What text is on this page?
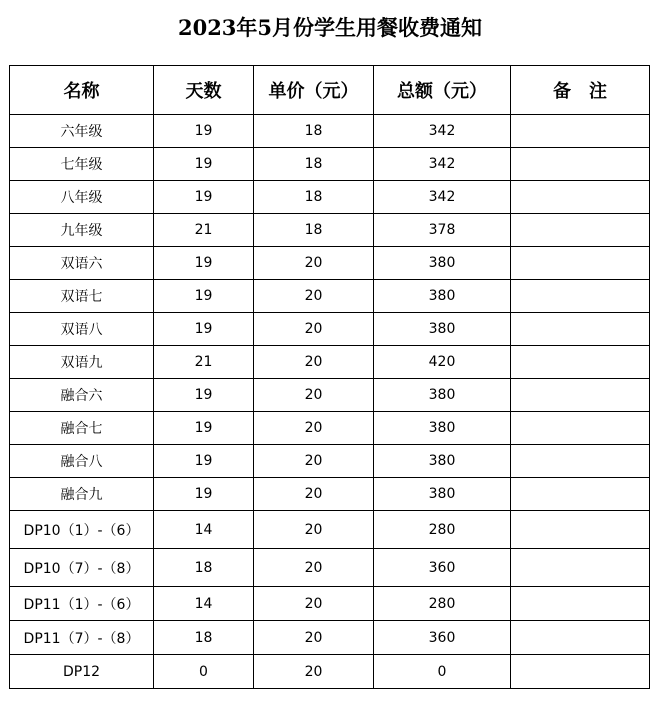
2023年5月份学生用餐收费通知
名称	天数	单价（元）	总额（元）	备　注
六年级	19	18	342	
七年级	19	18	342	
八年级	19	18	342	
九年级	21	18	378	
双语六	19	20	380	
双语七	19	20	380	
双语八	19	20	380	
双语九	21	20	420	
融合六	19	20	380	
融合七	19	20	380	
融合八	19	20	380	
融合九	19	20	380	
DP10（1）-（6）	14	20	280	
DP10（7）-（8）	18	20	360	
DP11（1）-（6）	14	20	280	
DP11（7）-（8）	18	20	360	
DP12	0	20	0	
